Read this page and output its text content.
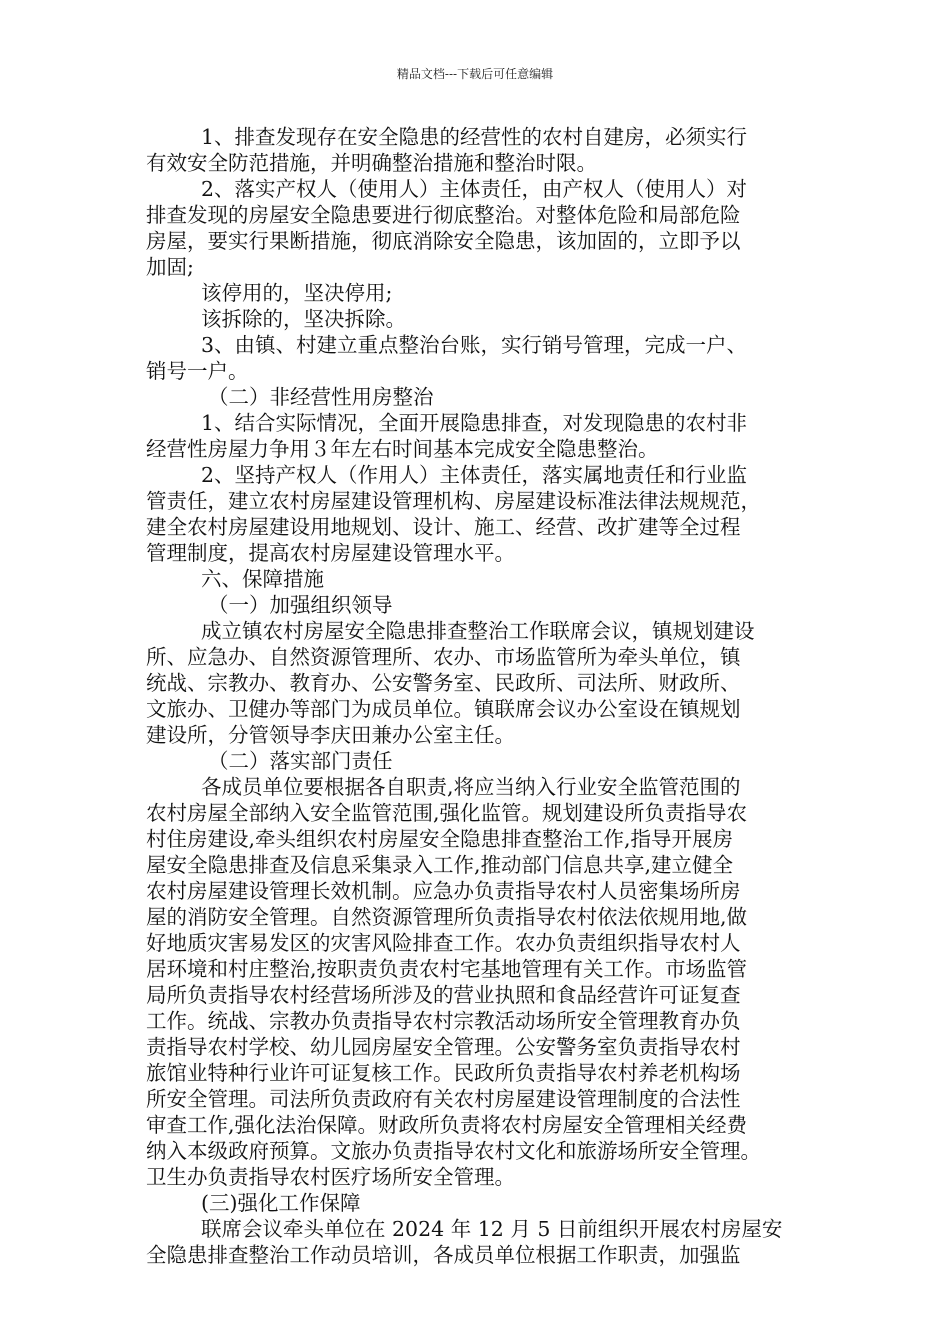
精品文档---下载后可任意编辑
1、排查发现存在安全隐患的经营性的农村自建房，必须实行
有效安全防范措施，并明确整治措施和整治时限。
2、落实产权人（使用人）主体责任，由产权人（使用人）对
排查发现的房屋安全隐患要进行彻底整治。对整体危险和局部危险
房屋，要实行果断措施，彻底消除安全隐患，该加固的，立即予以
加固;
该停用的，坚决停用;
该拆除的，坚决拆除。
3、由镇、村建立重点整治台账，实行销号管理，完成一户、
销号一户。
（二）非经营性用房整治
1、结合实际情况，全面开展隐患排查，对发现隐患的农村非
经营性房屋力争用３年左右时间基本完成安全隐患整治。
2、坚持产权人（作用人）主体责任，落实属地责任和行业监
管责任，建立农村房屋建设管理机构、房屋建设标准法律法规规范，
建全农村房屋建设用地规划、设计、施工、经营、改扩建等全过程
管理制度，提高农村房屋建设管理水平。
六、保障措施
（一）加强组织领导
成立镇农村房屋安全隐患排查整治工作联席会议，镇规划建设
所、应急办、自然资源管理所、农办、市场监管所为牵头单位，镇
统战、宗教办、教育办、公安警务室、民政所、司法所、财政所、
文旅办、卫健办等部门为成员单位。镇联席会议办公室设在镇规划
建设所，分管领导李庆田兼办公室主任。
（二）落实部门责任
各成员单位要根据各自职责,将应当纳入行业安全监管范围的
农村房屋全部纳入安全监管范围,强化监管。规划建设所负责指导农
村住房建设,牵头组织农村房屋安全隐患排查整治工作,指导开展房
屋安全隐患排查及信息采集录入工作,推动部门信息共享,建立健全
农村房屋建设管理长效机制。应急办负责指导农村人员密集场所房
屋的消防安全管理。自然资源管理所负责指导农村依法依规用地,做
好地质灾害易发区的灾害风险排查工作。农办负责组织指导农村人
居环境和村庄整治,按职责负责农村宅基地管理有关工作。市场监管
局所负责指导农村经营场所涉及的营业执照和食品经营许可证复查
工作。统战、宗教办负责指导农村宗教活动场所安全管理教育办负
责指导农村学校、幼儿园房屋安全管理。公安警务室负责指导农村
旅馆业特种行业许可证复核工作。民政所负责指导农村养老机构场
所安全管理。司法所负责政府有关农村房屋建设管理制度的合法性
审查工作,强化法治保障。财政所负责将农村房屋安全管理相关经费
纳入本级政府预算。文旅办负责指导农村文化和旅游场所安全管理。
卫生办负责指导农村医疗场所安全管理。
(三)强化工作保障
联席会议牵头单位在 2024 年 12 月 5 日前组织开展农村房屋安
全隐患排查整治工作动员培训，各成员单位根据工作职责，加强监
